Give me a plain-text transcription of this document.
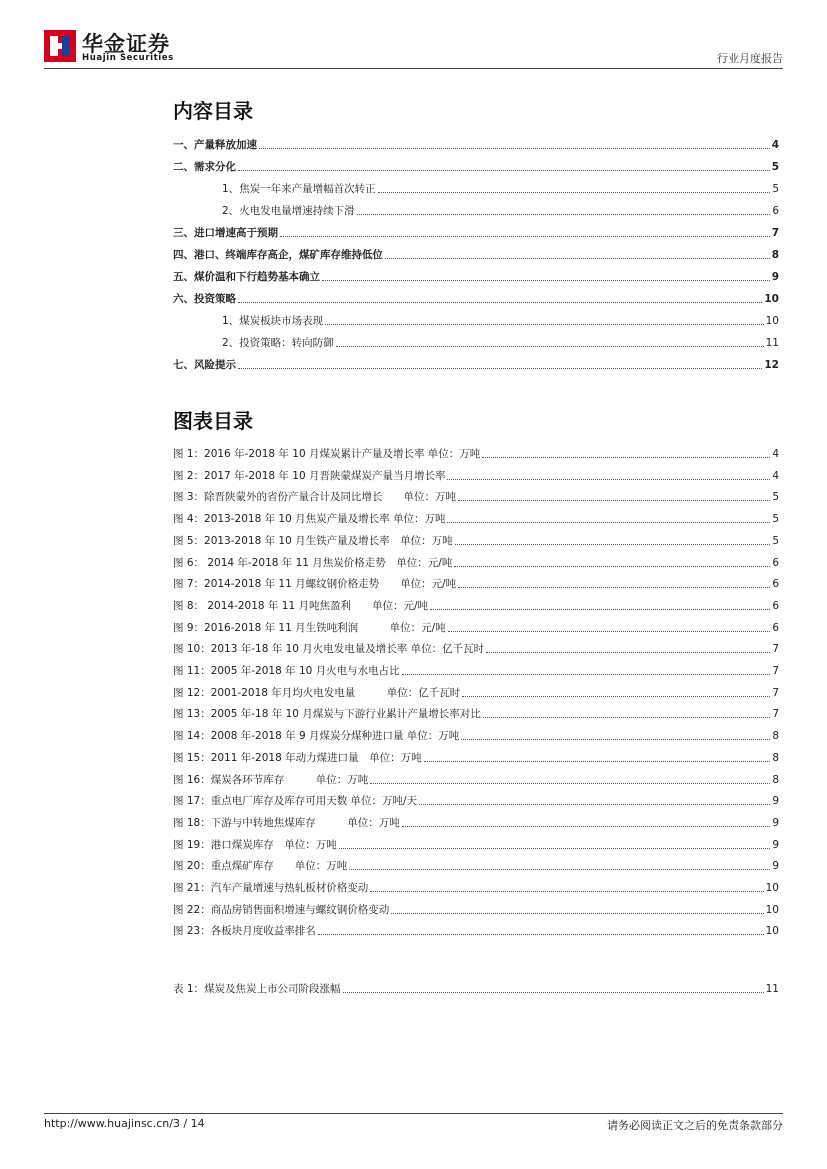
华金证券
Huajin Securities	行业月度报告
内容目录
一、产量释放加速	4
二、需求分化	5
1、焦炭一年来产量增幅首次转正	5
2、火电发电量增速持续下滑	6
三、进口增速高于预期	7
四、港口、终端库存高企，煤矿库存维持低位	8
五、煤价温和下行趋势基本确立	9
六、投资策略	10
1、煤炭板块市场表现	10
2、投资策略：转向防御	11
七、风险提示	12
图表目录
图 1：2016 年-2018 年 10 月煤炭累计产量及增长率 单位：万吨	4
图 2：2017 年-2018 年 10 月晋陕蒙煤炭产量当月增长率	4
图 3：除晋陕蒙外的省份产量合计及同比增长　　单位：万吨	5
图 4：2013-2018 年 10 月焦炭产量及增长率 单位：万吨	5
图 5：2013-2018 年 10 月生铁产量及增长率　单位：万吨	5
图 6： 2014 年-2018 年 11 月焦炭价格走势　单位：元/吨	6
图 7：2014-2018 年 11 月螺纹钢价格走势　　单位：元/吨	6
图 8： 2014-2018 年 11 月吨焦盈利　　单位：元/吨	6
图 9：2016-2018 年 11 月生铁吨利润　　　单位：元/吨	6
图 10：2013 年-18 年 10 月火电发电量及增长率 单位：亿千瓦时	7
图 11：2005 年-2018 年 10 月火电与水电占比	7
图 12：2001-2018 年月均火电发电量　　　单位：亿千瓦时	7
图 13：2005 年-18 年 10 月煤炭与下游行业累计产量增长率对比	7
图 14：2008 年-2018 年 9 月煤炭分煤种进口量 单位：万吨	8
图 15：2011 年-2018 年动力煤进口量　单位：万吨	8
图 16：煤炭各环节库存　　　单位：万吨	8
图 17：重点电厂库存及库存可用天数 单位：万吨/天	9
图 18：下游与中转地焦煤库存　　　单位：万吨	9
图 19：港口煤炭库存　单位：万吨	9
图 20：重点煤矿库存　　单位：万吨	9
图 21：汽车产量增速与热轧板材价格变动	10
图 22：商品房销售面积增速与螺纹钢价格变动	10
图 23：各板块月度收益率排名	10
表 1：煤炭及焦炭上市公司阶段涨幅	11
http://www.huajinsc.cn/3 / 14	请务必阅读正文之后的免责条款部分
